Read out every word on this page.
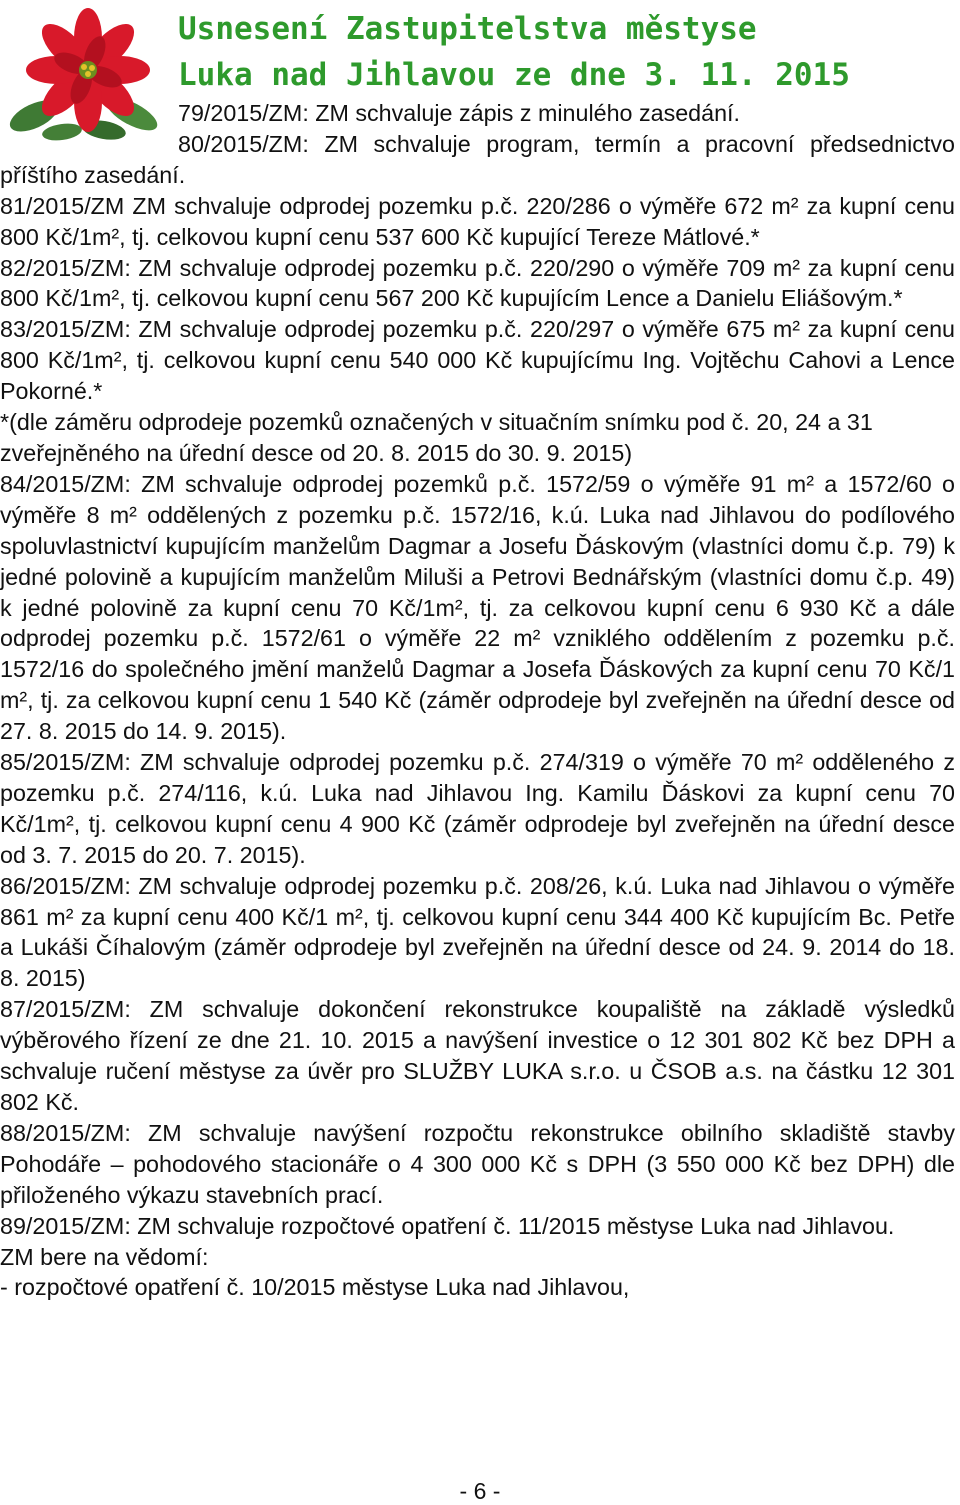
Usnesení Zastupitelstva městyse
Luka nad Jihlavou ze dne 3. 11. 2015

79/2015/ZM: ZM schvaluje zápis z minulého zasedání.

80/2015/ZM: ZM schvaluje program, termín a pracovní předsednictvo příštího zasedání.

81/2015/ZM ZM schvaluje odprodej pozemku p.č. 220/286 o výměře 672 m² za kupní cenu 800 Kč/1m², tj. celkovou kupní cenu 537 600 Kč kupující Tereze Mátlové.*

82/2015/ZM: ZM schvaluje odprodej pozemku p.č. 220/290 o výměře 709 m² za kupní cenu 800 Kč/1m², tj. celkovou kupní cenu 567 200 Kč kupujícím Lence a Danielu Eliášovým.*

83/2015/ZM: ZM schvaluje odprodej pozemku p.č. 220/297 o výměře 675 m² za kupní cenu 800 Kč/1m², tj. celkovou kupní cenu 540 000 Kč kupujícímu Ing. Vojtěchu Cahovi a Lence Pokorné.*

*(dle záměru odprodeje pozemků označených v situačním snímku pod č. 20, 24 a 31 zveřejněného na úřední desce od 20. 8. 2015 do 30. 9. 2015)

84/2015/ZM: ZM schvaluje odprodej pozemků p.č. 1572/59 o výměře 91 m² a 1572/60 o výměře 8 m² oddělených z pozemku p.č. 1572/16, k.ú. Luka nad Jihlavou do podílového spoluvlastnictví kupujícím manželům Dagmar a Josefu Ďáskovým (vlastníci domu č.p. 79) k jedné polovině a kupujícím manželům Miluši a Petrovi Bednářským (vlastníci domu č.p. 49) k jedné polovině za kupní cenu 70 Kč/1m², tj. za celkovou kupní cenu 6 930 Kč a dále odprodej pozemku p.č. 1572/61 o výměře 22 m² vzniklého oddělením z pozemku p.č. 1572/16 do společného jmění manželů Dagmar a Josefa Ďáskových za kupní cenu 70 Kč/1 m², tj. za celkovou kupní cenu 1 540 Kč (záměr odprodeje byl zveřejněn na úřední desce od 27. 8. 2015 do 14. 9. 2015).

85/2015/ZM: ZM schvaluje odprodej pozemku p.č. 274/319 o výměře 70 m² odděleného z pozemku p.č. 274/116, k.ú. Luka nad Jihlavou Ing. Kamilu Ďáskovi za kupní cenu 70 Kč/1m², tj. celkovou kupní cenu 4 900 Kč (záměr odprodeje byl zveřejněn na úřední desce od 3. 7. 2015 do 20. 7. 2015).

86/2015/ZM: ZM schvaluje odprodej pozemku p.č. 208/26, k.ú. Luka nad Jihlavou o výměře 861 m² za kupní cenu 400 Kč/1 m², tj. celkovou kupní cenu 344 400 Kč kupujícím Bc. Petře a Lukáši Číhalovým (záměr odprodeje byl zveřejněn na úřední desce od 24. 9. 2014 do 18. 8. 2015)

87/2015/ZM: ZM schvaluje dokončení rekonstrukce koupaliště na základě výsledků výběrového řízení ze dne 21. 10. 2015 a navýšení investice o 12 301 802 Kč bez DPH a schvaluje ručení městyse za úvěr pro SLUŽBY LUKA s.r.o. u ČSOB a.s. na částku 12 301 802 Kč.

88/2015/ZM: ZM schvaluje navýšení rozpočtu rekonstrukce obilního skladiště stavby Pohodáře – pohodového stacionáře o 4 300 000 Kč s DPH (3 550 000 Kč bez DPH) dle přiloženého výkazu stavebních prací.

89/2015/ZM: ZM schvaluje rozpočtové opatření č. 11/2015 městyse Luka nad Jihlavou.

ZM bere na vědomí:

- rozpočtové opatření č. 10/2015 městyse Luka nad Jihlavou,

- 6 -
